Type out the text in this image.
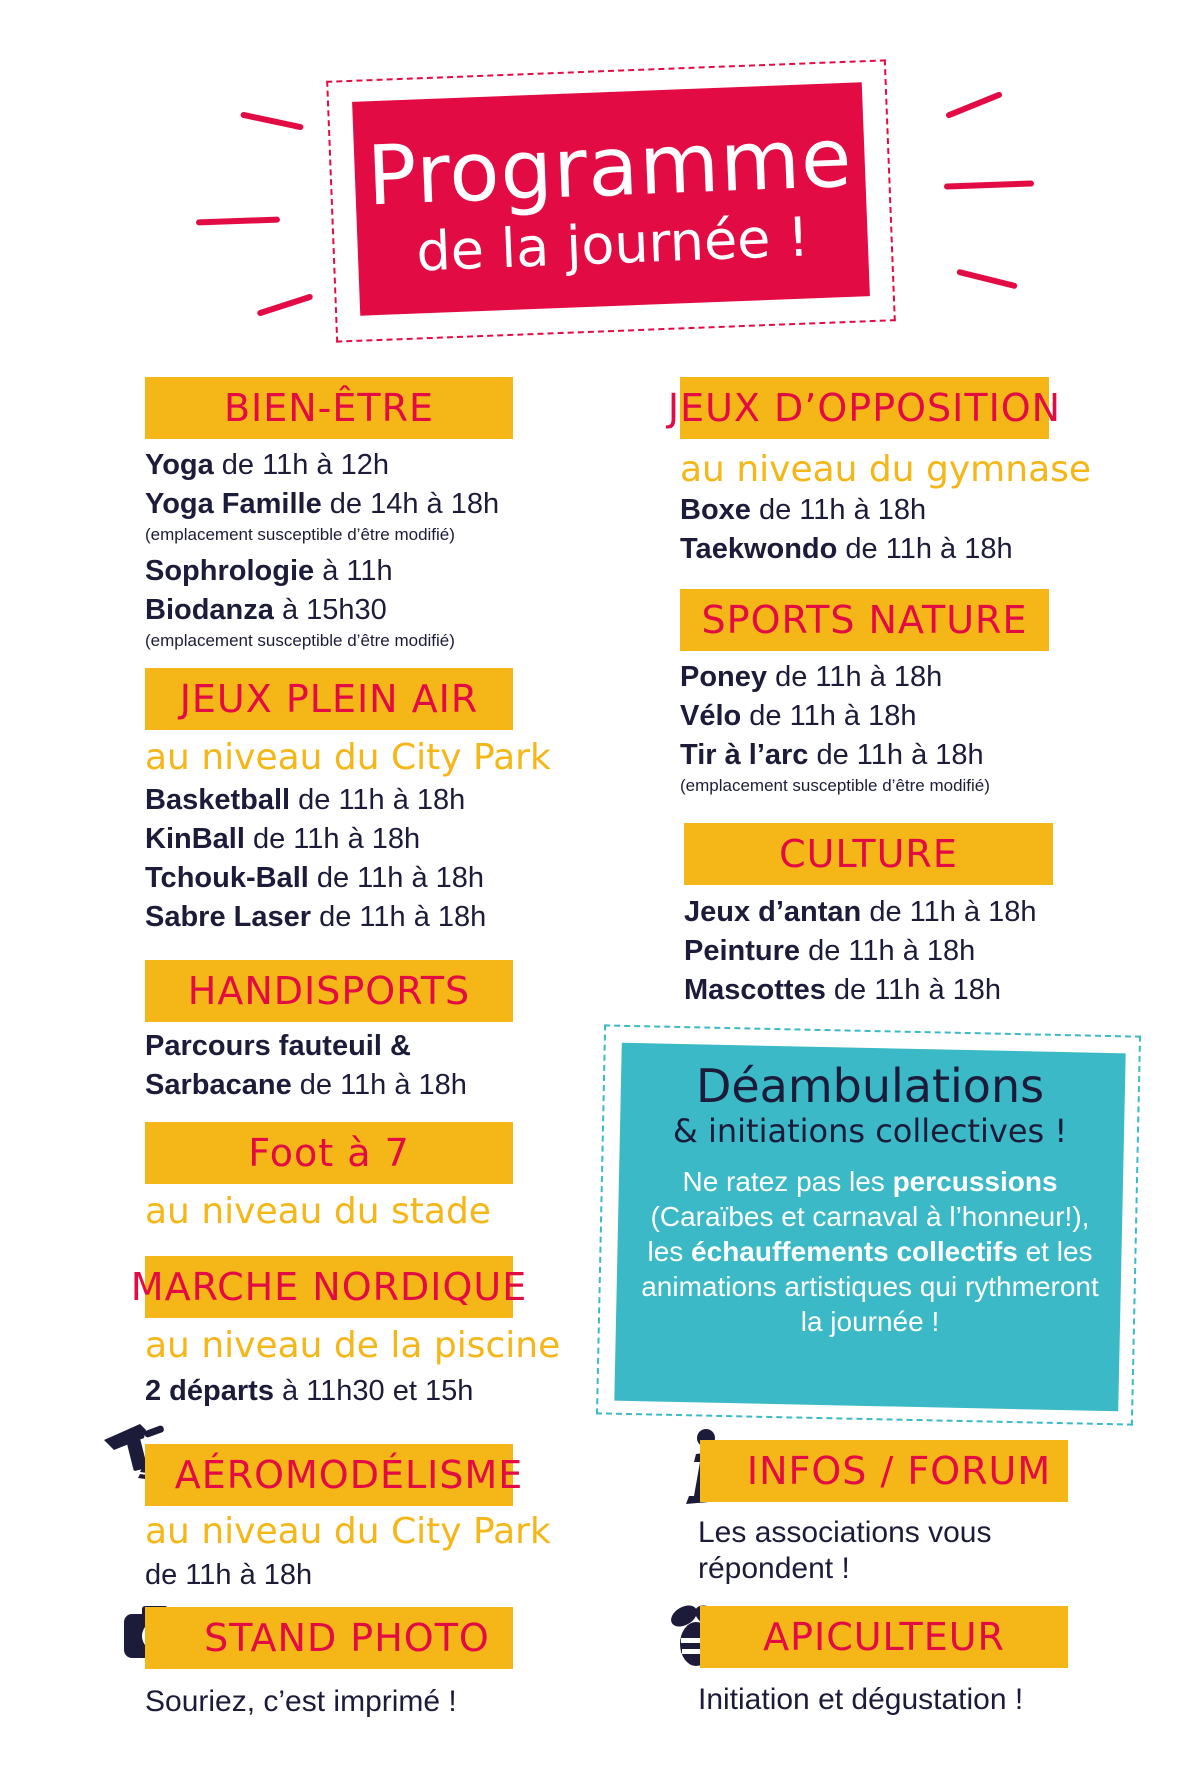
Programme
de la journée !
BIEN-ÊTRE
Yoga de 11h à 12h
Yoga Famille de 14h à 18h
(emplacement susceptible d’être modifié)
Sophrologie à 11h
Biodanza à 15h30
(emplacement susceptible d’être modifié)
JEUX PLEIN AIR
au niveau du City Park
Basketball de 11h à 18h
KinBall de 11h à 18h
Tchouk-Ball de 11h à 18h
Sabre Laser de 11h à 18h
HANDISPORTS
Parcours fauteuil &
Sarbacane de 11h à 18h
Foot à 7
au niveau du stade
MARCHE NORDIQUE
au niveau de la piscine
2 départs à 11h30 et 15h
AÉROMODÉLISME
au niveau du City Park
de 11h à 18h
STAND PHOTO
Souriez, c’est imprimé !
JEUX D’OPPOSITION
au niveau du gymnase
Boxe de 11h à 18h
Taekwondo de 11h à 18h
SPORTS NATURE
Poney de 11h à 18h
Vélo de 11h à 18h
Tir à l’arc de 11h à 18h
(emplacement susceptible d’être modifié)
CULTURE
Jeux d’antan de 11h à 18h
Peinture de 11h à 18h
Mascottes de 11h à 18h
Déambulations
& initiations collectives !
Ne ratez pas les percussions (Caraïbes et carnaval à l’honneur!), les échauffements collectifs et les animations artistiques qui rythmeront la journée !
INFOS / FORUM
Les associations vous répondent !
APICULTEUR
Initiation et dégustation !
